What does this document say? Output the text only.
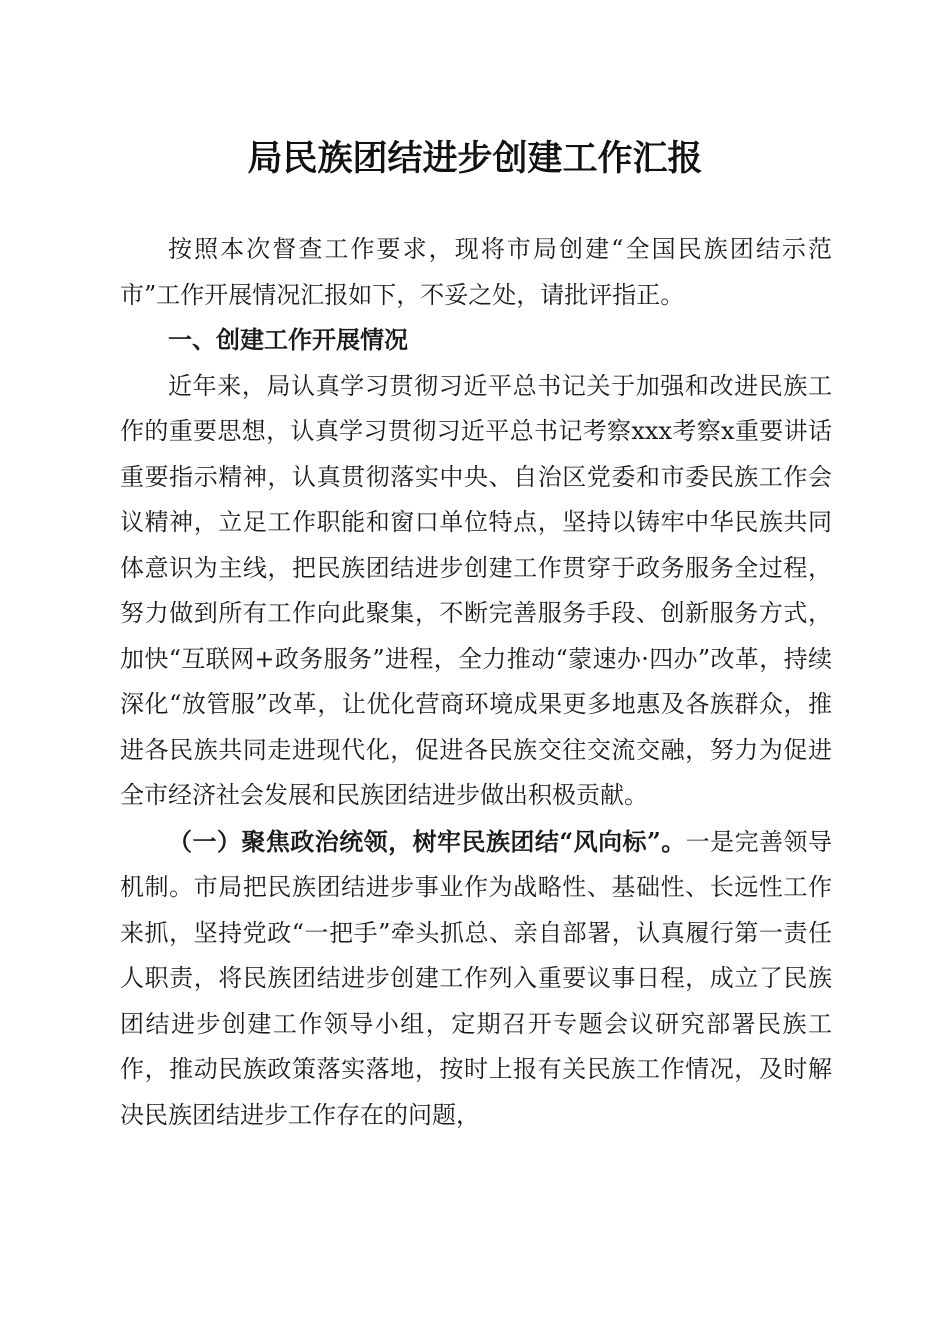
局民族团结进步创建工作汇报

按照本次督查工作要求，现将市局创建“全国民族团结示范市”工作开展情况汇报如下，不妥之处，请批评指正。

一、创建工作开展情况

近年来，局认真学习贯彻习近平总书记关于加强和改进民族工作的重要思想，认真学习贯彻习近平总书记考察xxx考察x重要讲话重要指示精神，认真贯彻落实中央、自治区党委和市委民族工作会议精神，立足工作职能和窗口单位特点，坚持以铸牢中华民族共同体意识为主线，把民族团结进步创建工作贯穿于政务服务全过程，努力做到所有工作向此聚集，不断完善服务手段、创新服务方式，加快“互联网+政务服务”进程，全力推动“蒙速办·四办”改革，持续深化“放管服”改革，让优化营商环境成果更多地惠及各族群众，推进各民族共同走进现代化，促进各民族交往交流交融，努力为促进全市经济社会发展和民族团结进步做出积极贡献。

（一）聚焦政治统领，树牢民族团结“风向标”。一是完善领导机制。市局把民族团结进步事业作为战略性、基础性、长远性工作来抓，坚持党政“一把手”牵头抓总、亲自部署，认真履行第一责任人职责，将民族团结进步创建工作列入重要议事日程，成立了民族团结进步创建工作领导小组，定期召开专题会议研究部署民族工作，推动民族政策落实落地，按时上报有关民族工作情况，及时解决民族团结进步工作存在的问题，
